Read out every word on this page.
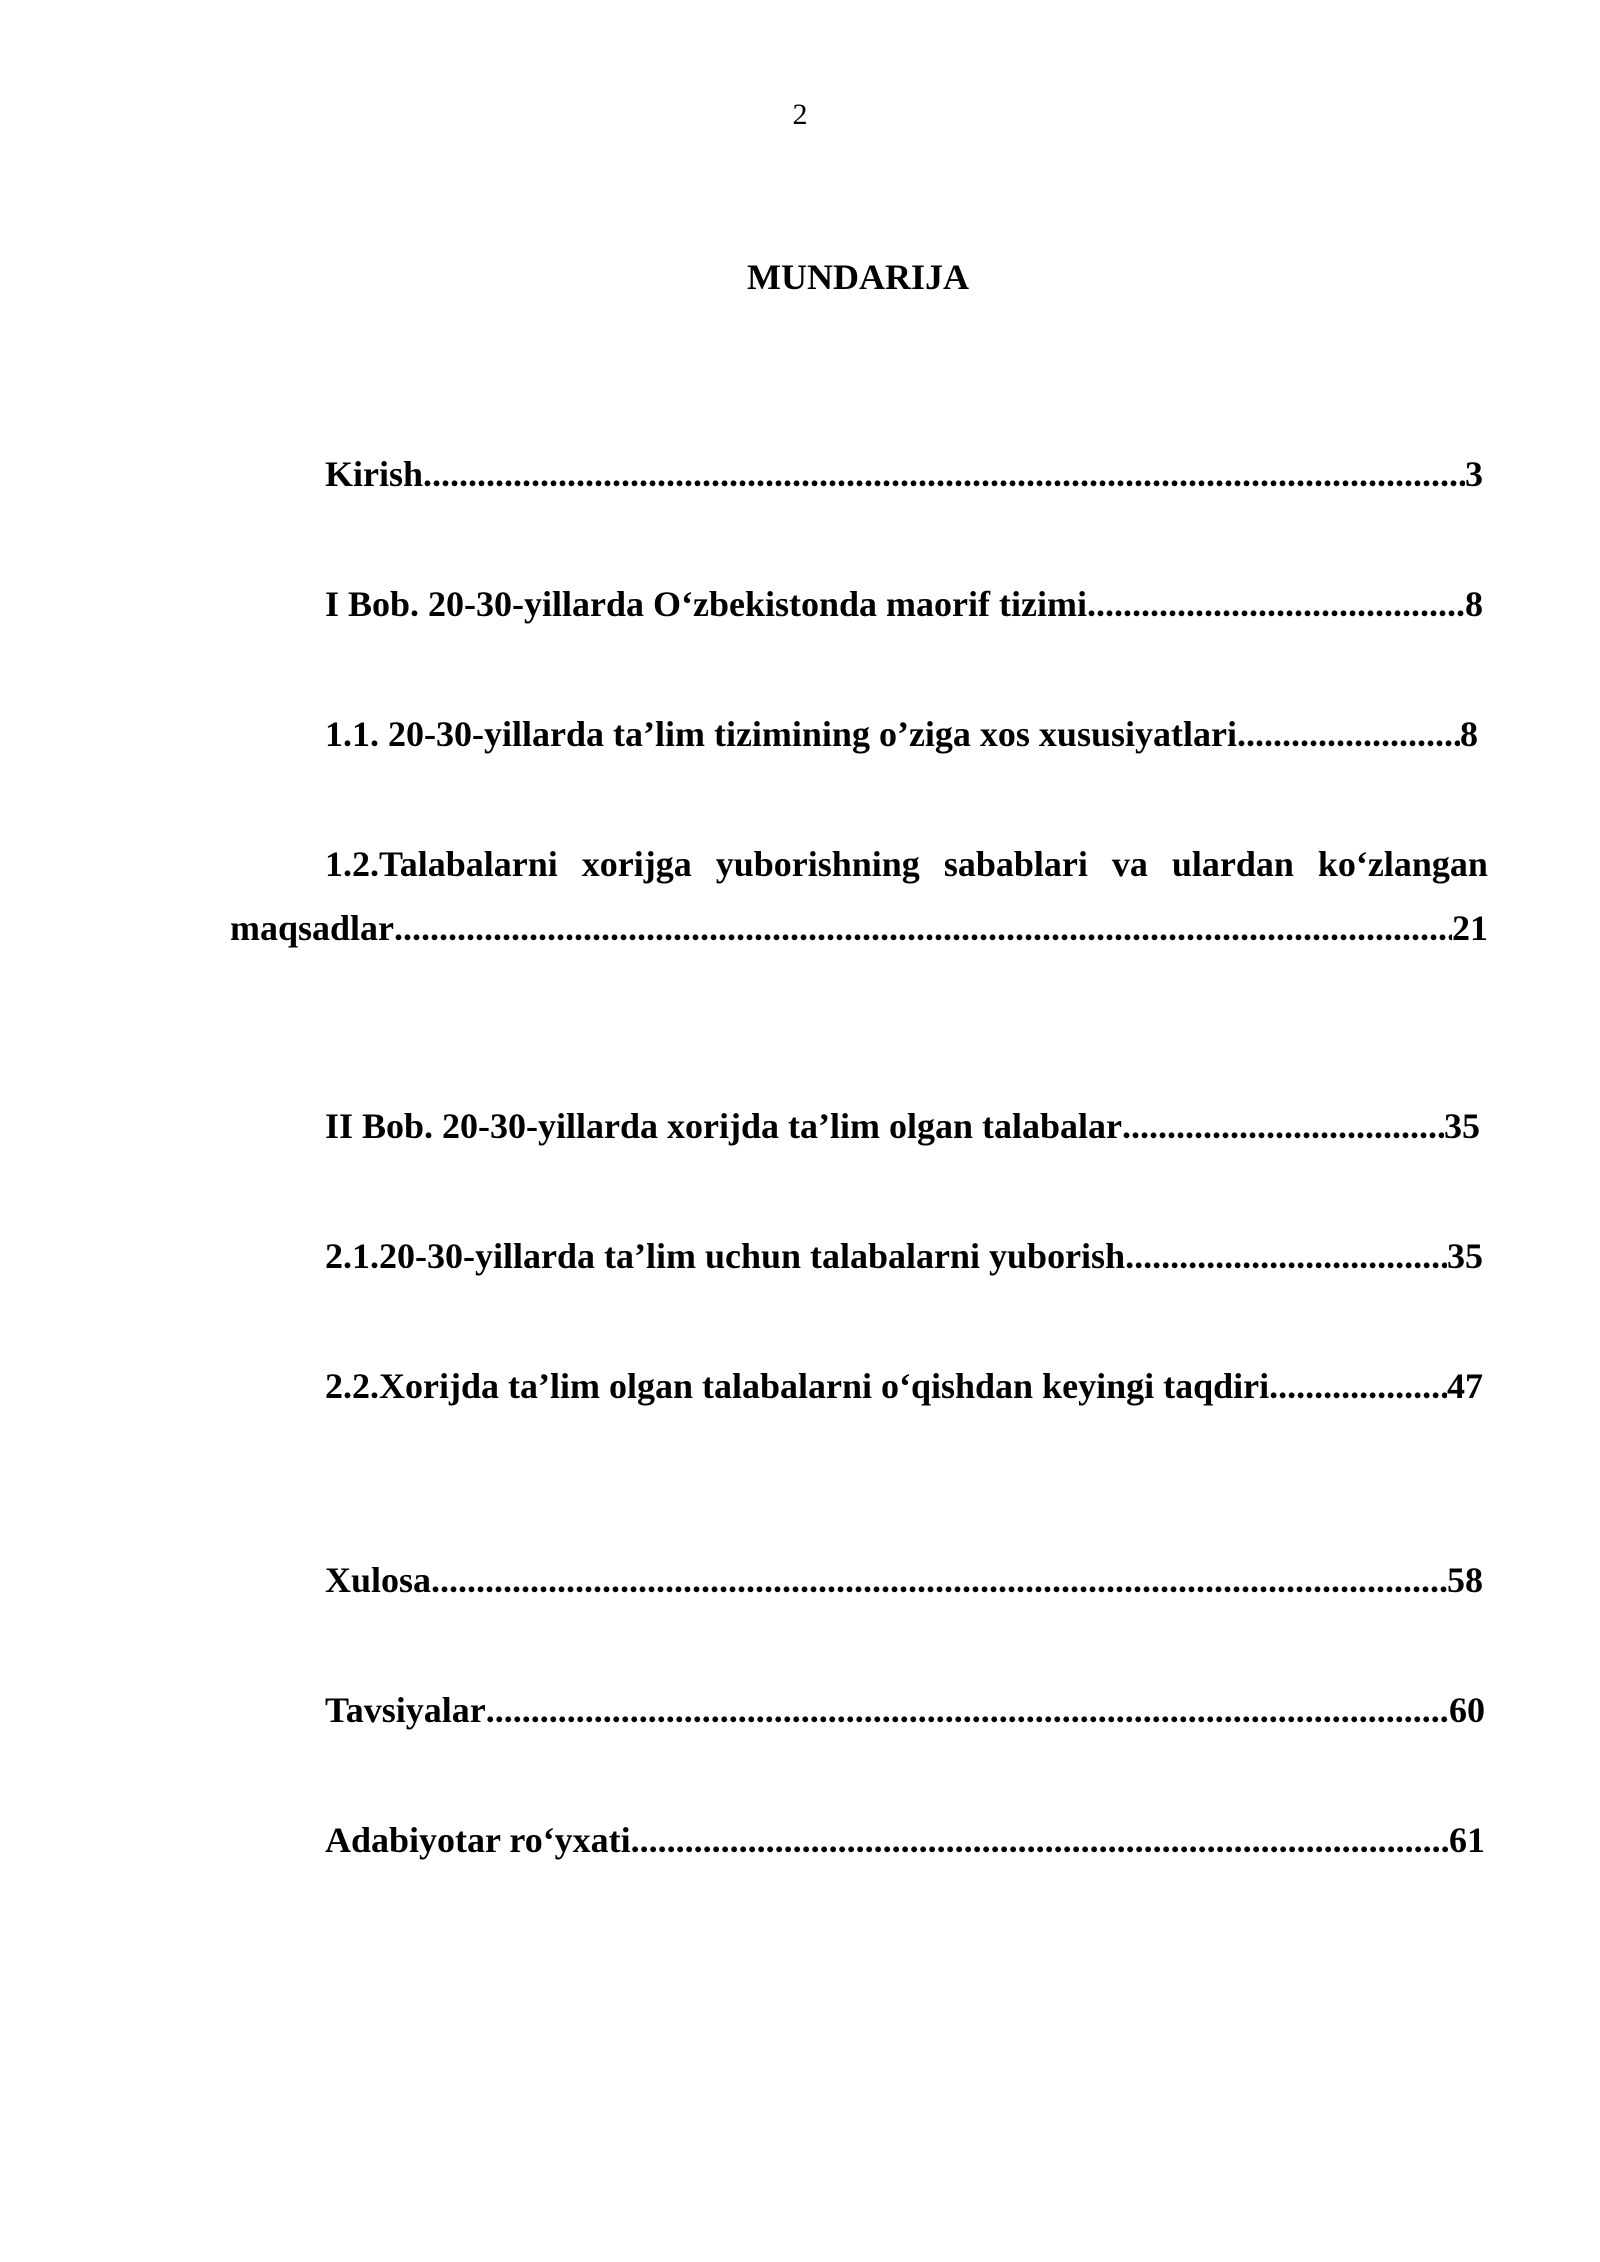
2
MUNDARIJA
Kirish .....	3
I Bob. 20-30-yillarda O‘zbekistonda maorif tizimi .....	8
1.1. 20-30-yillarda ta’lim tizimining o’ziga xos xususiyatlari .....	8
1.2.Talabalarni xorijga yuborishning sabablari va ulardan ko‘zlangan
maqsadlar .....	21
II Bob. 20-30-yillarda xorijda ta’lim olgan talabalar .....	35
2.1.20-30-yillarda ta’lim uchun talabalarni yuborish .....	35
2.2.Xorijda ta’lim olgan talabalarni o‘qishdan keyingi taqdiri .....	47
Xulosa .....	58
Tavsiyalar .....	60
Adabiyotar ro‘yxati .....	61
